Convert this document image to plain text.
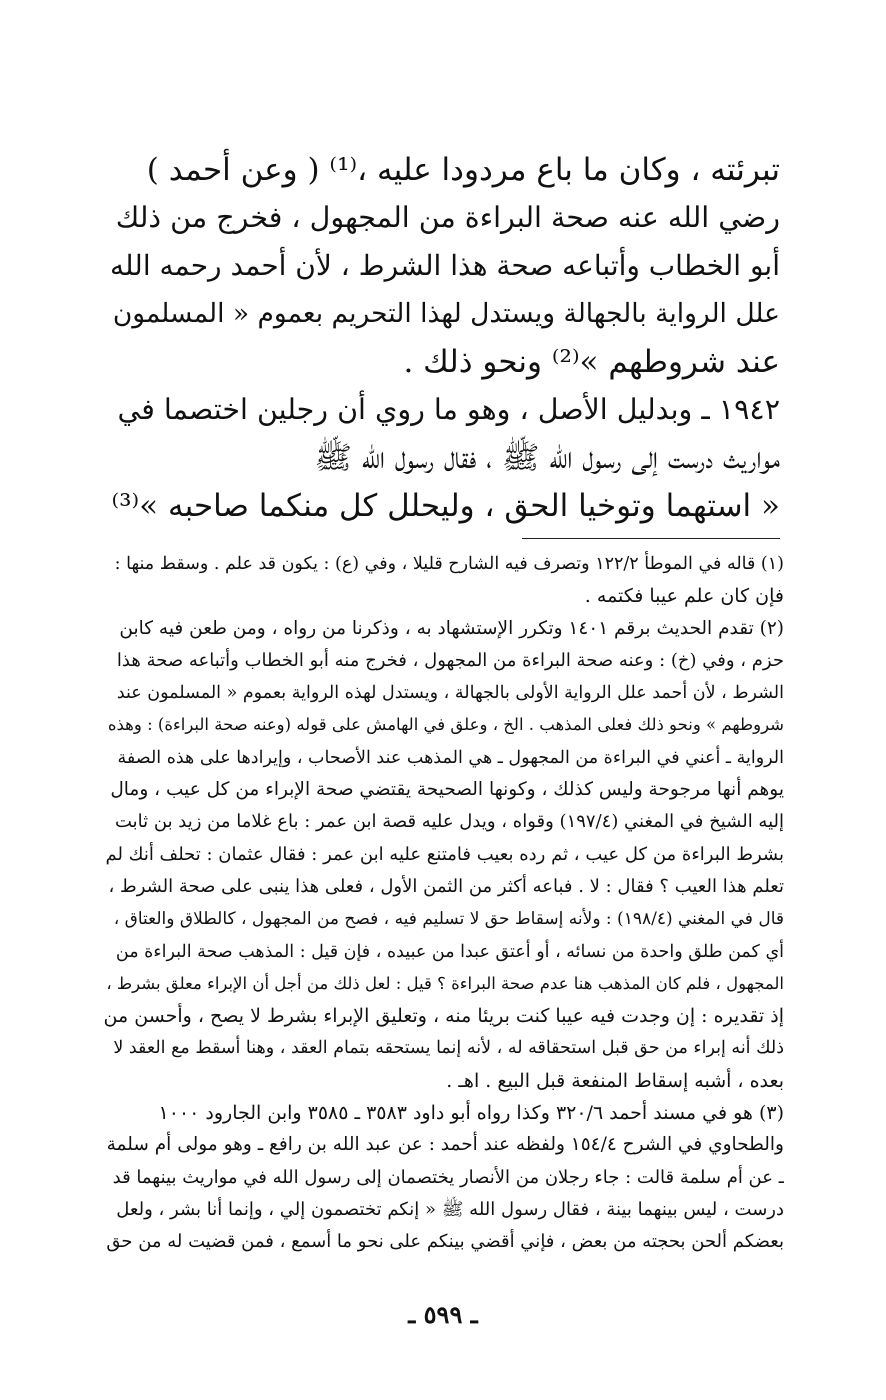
تبرئته ، وكان ما باع مردودا عليه ،⁽¹⁾ ( وعن أحمد )
رضي الله عنه صحة البراءة من المجهول ، فخرج من ذلك
أبو الخطاب وأتباعه صحة هذا الشرط ، لأن أحمد رحمه الله
علل الرواية بالجهالة ويستدل لهذا التحريم بعموم « المسلمون
عند شروطهم »⁽²⁾ ونحو ذلك .
١٩٤٢ ـ وبدليل الأصل ، وهو ما روي أن رجلين اختصما في
مواريث درست إلى رسول الله ﷺ ، فقال رسول الله ﷺ
« استهما وتوخيا الحق ، وليحلل كل منكما صاحبه »⁽³⁾
(١) قاله في الموطأ ١٢٢/٢ وتصرف فيه الشارح قليلا ، وفي (ع) : يكون قد علم . وسقط منها :
فإن كان علم عيبا فكتمه .
(٢) تقدم الحديث برقم ١٤٠١ وتكرر الإستشهاد به ، وذكرنا من رواه ، ومن طعن فيه كابن
حزم ، وفي (خ) : وعنه صحة البراءة من المجهول ، فخرج منه أبو الخطاب وأتباعه صحة هذا
الشرط ، لأن أحمد علل الرواية الأولى بالجهالة ، ويستدل لهذه الرواية بعموم « المسلمون عند
شروطهم » ونحو ذلك فعلى المذهب . الخ ، وعلق في الهامش على قوله (وعنه صحة البراءة) : وهذه
الرواية ـ أعني في البراءة من المجهول ـ هي المذهب عند الأصحاب ، وإيرادها على هذه الصفة
يوهم أنها مرجوحة وليس كذلك ، وكونها الصحيحة يقتضي صحة الإبراء من كل عيب ، ومال
إليه الشيخ في المغني (١٩٧/٤) وقواه ، ويدل عليه قصة ابن عمر : باع غلاما من زيد بن ثابت
بشرط البراءة من كل عيب ، ثم رده بعيب فامتنع عليه ابن عمر : فقال عثمان : تحلف أنك لم
تعلم هذا العيب ؟ فقال : لا . فباعه أكثر من الثمن الأول ، فعلى هذا ينبى على صحة الشرط ،
قال في المغني (١٩٨/٤) : ولأنه إسقاط حق لا تسليم فيه ، فصح من المجهول ، كالطلاق والعتاق ،
أي كمن طلق واحدة من نسائه ، أو أعتق عبدا من عبيده ، فإن قيل : المذهب صحة البراءة من
المجهول ، فلم كان المذهب هنا عدم صحة البراءة ؟ قيل : لعل ذلك من أجل أن الإبراء معلق بشرط ،
إذ تقديره : إن وجدت فيه عيبا كنت بريئا منه ، وتعليق الإبراء بشرط لا يصح ، وأحسن من
ذلك أنه إبراء من حق قبل استحقاقه له ، لأنه إنما يستحقه بتمام العقد ، وهنا أسقط مع العقد لا
بعده ، أشبه إسقاط المنفعة قبل البيع . اهـ .
(٣) هو في مسند أحمد ٣٢٠/٦ وكذا رواه أبو داود ٣٥٨٣ ـ ٣٥٨٥ وابن الجارود ١٠٠٠
والطحاوي في الشرح ١٥٤/٤ ولفظه عند أحمد : عن عبد الله بن رافع ـ وهو مولى أم سلمة
ـ عن أم سلمة قالت : جاء رجلان من الأنصار يختصمان إلى رسول الله في مواريث بينهما قد
درست ، ليس بينهما بينة ، فقال رسول الله ﷺ « إنكم تختصمون إلي ، وإنما أنا بشر ، ولعل
بعضكم ألحن بحجته من بعض ، فإني أقضي بينكم على نحو ما أسمع ، فمن قضيت له من حق
ـ ٥٩٩ ـ
